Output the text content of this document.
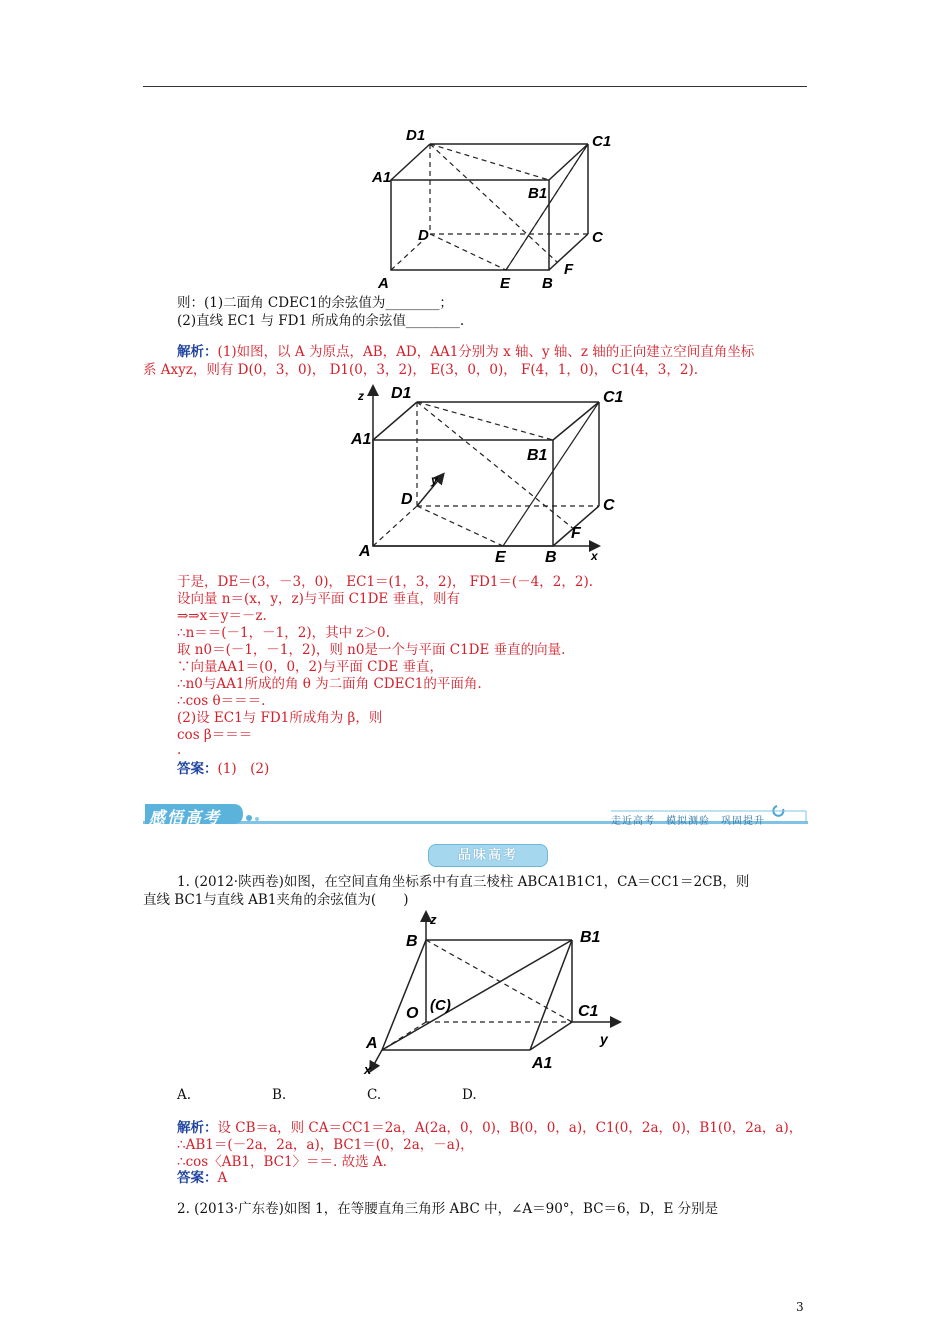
D1	C1
A1
B1
D	C
A	E B
F
则：(1)二面角 CDEC1的余弦值为________；
(2)直线 EC1 与 FD1 所成角的余弦值________.
解析：(1)如图，以 A 为原点，AB，AD，AA1分别为 x 轴、y 轴、z 轴的正向建立空间直角坐标
系 Axyz，则有 D(0，3，0)， D1(0，3，2)， E(3，0，0)， F(4，1，0)， C1(4，3，2).
z D1	C1
A1
B1
y
D	C
F
A	E B	x
于是，DE＝(3，－3，0)， EC1＝(1，3，2)， FD1＝(－4，2，2).
设向量 n＝(x，y，z)与平面 C1DE 垂直，则有
⇒⇒x＝y＝－z.
∴n＝＝(－1，－1，2)，其中 z＞0.
取 n0＝(－1，－1，2)，则 n0是一个与平面 C1DE 垂直的向量.
∵向量AA1＝(0，0，2)与平面 CDE 垂直，
∴n0与AA1所成的角 θ 为二面角 CDEC1的平面角.
∴cos θ＝＝＝.
(2)设 EC1与 FD1所成角为 β，则
cos β＝＝＝
.
答案：(1)　(2)
感悟高考	走近高考　模拟测验　巩固提升
品味高考
1. (2012·陕西卷)如图，在空间直角坐标系中有直三棱柱 ABCA1B1C1，CA＝CC1＝2CB，则
直线 BC1与直线 AB1夹角的余弦值为(　　)
B
z
B1
O (C)	C1
y
A
A1
x
A.	B.	C.	D.
解析：设 CB＝a，则 CA＝CC1＝2a，A(2a，0，0)，B(0，0，a)，C1(0，2a，0)，B1(0，2a，a)，
∴AB1＝(－2a，2a，a)，BC1＝(0，2a，－a)，
∴cos〈AB1，BC1〉＝＝. 故选 A.
答案：A
2. (2013·广东卷)如图 1，在等腰直角三角形 ABC 中，∠A＝90°，BC＝6，D，E 分别是
3
